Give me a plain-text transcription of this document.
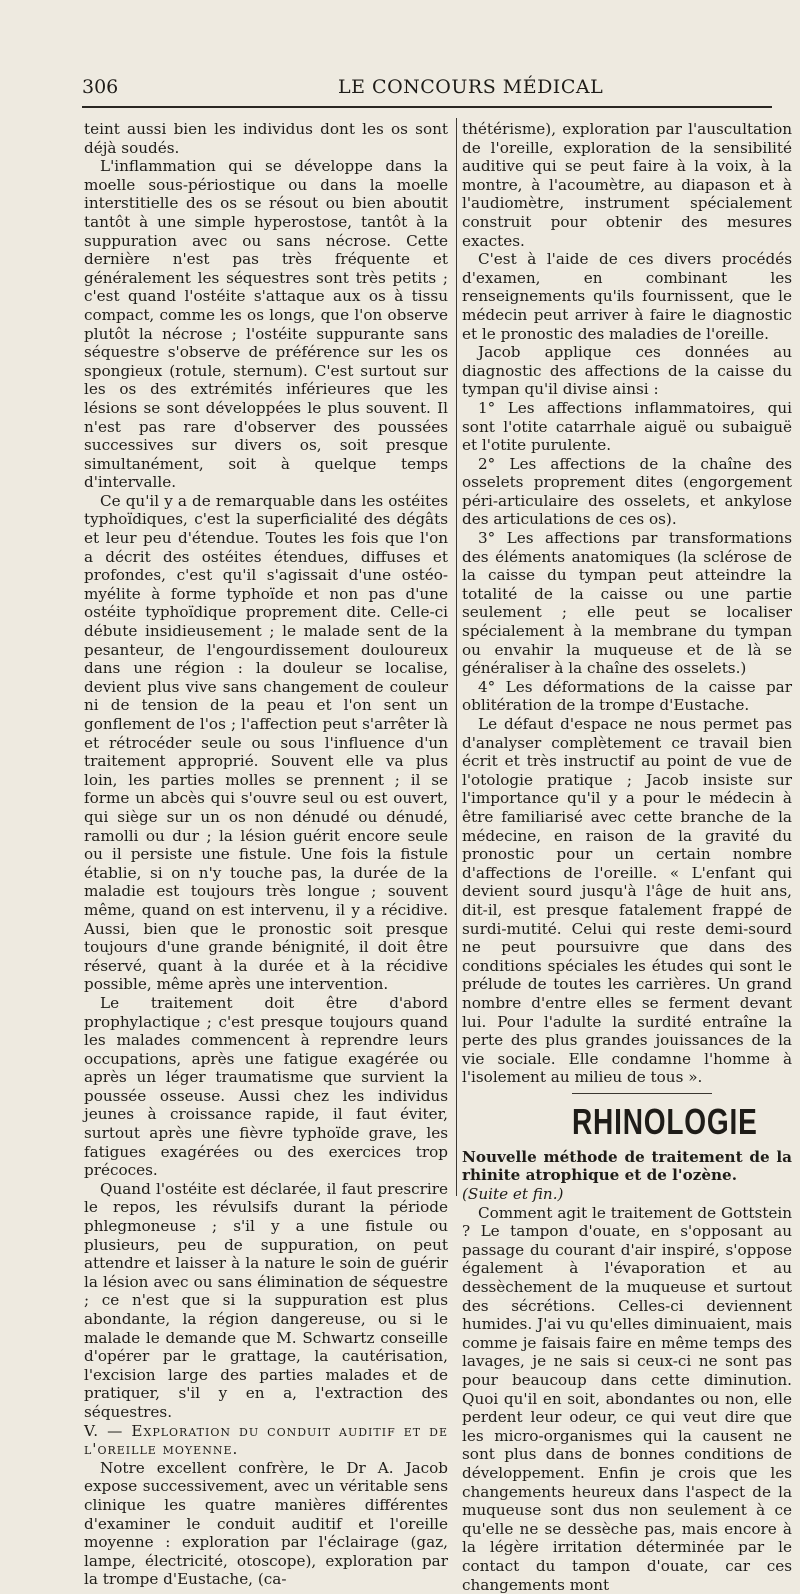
306	LE CONCOURS MÉDICAL

teint aussi bien les individus dont les os sont déjà soudés.

L'inflammation qui se développe dans la moelle sous-périostique ou dans la moelle interstitielle des os se résout ou bien aboutit tantôt à une simple hyperostose, tantôt à la suppuration avec ou sans nécrose. Cette dernière n'est pas très fréquente et généralement les séquestres sont très petits ; c'est quand l'ostéite s'attaque aux os à tissu compact, comme les os longs, que l'on observe plutôt la nécrose ; l'ostéite suppurante sans séquestre s'observe de préférence sur les os spongieux (rotule, sternum). C'est surtout sur les os des extrémités inférieures que les lésions se sont développées le plus souvent. Il n'est pas rare d'observer des poussées successives sur divers os, soit presque simultanément, soit à quelque temps d'intervalle.

Ce qu'il y a de remarquable dans les ostéites typhoïdiques, c'est la superficialité des dégâts et leur peu d'étendue. Toutes les fois que l'on a décrit des ostéites étendues, diffuses et profondes, c'est qu'il s'agissait d'une ostéo-myélite à forme typhoïde et non pas d'une ostéite typhoïdique proprement dite. Celle-ci débute insidieusement ; le malade sent de la pesanteur, de l'engourdissement douloureux dans une région : la douleur se localise, devient plus vive sans changement de couleur ni de tension de la peau et l'on sent un gonflement de l'os ; l'affection peut s'arrêter là et rétrocéder seule ou sous l'influence d'un traitement approprié. Souvent elle va plus loin, les parties molles se prennent ; il se forme un abcès qui s'ouvre seul ou est ouvert, qui siège sur un os non dénudé ou dénudé, ramolli ou dur ; la lésion guérit encore seule ou il persiste une fistule. Une fois la fistule établie, si on n'y touche pas, la durée de la maladie est toujours très longue ; souvent même, quand on est intervenu, il y a récidive. Aussi, bien que le pronostic soit presque toujours d'une grande bénignité, il doit être réservé, quant à la durée et à la récidive possible, même après une intervention.

Le traitement doit être d'abord prophylactique ; c'est presque toujours quand les malades commencent à reprendre leurs occupations, après une fatigue exagérée ou après un léger traumatisme que survient la poussée osseuse. Aussi chez les individus jeunes à croissance rapide, il faut éviter, surtout après une fièvre typhoïde grave, les fatigues exagérées ou des exercices trop précoces.

Quand l'ostéite est déclarée, il faut prescrire le repos, les révulsifs durant la période phlegmoneuse ; s'il y a une fistule ou plusieurs, peu de suppuration, on peut attendre et laisser à la nature le soin de guérir la lésion avec ou sans élimination de séquestre ; ce n'est que si la suppuration est plus abondante, la région dangereuse, ou si le malade le demande que M. Schwartz conseille d'opérer par le grattage, la cautérisation, l'excision large des parties malades et de pratiquer, s'il y en a, l'extraction des séquestres.

V. — Exploration du conduit auditif et de l'oreille moyenne.

Notre excellent confrère, le Dr A. Jacob expose successivement, avec un véritable sens clinique les quatre manières différentes d'examiner le conduit auditif et l'oreille moyenne : exploration par l'éclairage (gaz, lampe, électricité, otoscope), exploration par la trompe d'Eustache, (ca-

thétérisme), exploration par l'auscultation de l'oreille, exploration de la sensibilité auditive qui se peut faire à la voix, à la montre, à l'acoumètre, au diapason et à l'audiomètre, instrument spécialement construit pour obtenir des mesures exactes.

C'est à l'aide de ces divers procédés d'examen, en combinant les renseignements qu'ils fournissent, que le médecin peut arriver à faire le diagnostic et le pronostic des maladies de l'oreille.

Jacob applique ces données au diagnostic des affections de la caisse du tympan qu'il divise ainsi :

1° Les affections inflammatoires, qui sont l'otite catarrhale aiguë ou subaiguë et l'otite purulente.

2° Les affections de la chaîne des osselets proprement dites (engorgement péri-articulaire des osselets, et ankylose des articulations de ces os).

3° Les affections par transformations des éléments anatomiques (la sclérose de la caisse du tympan peut atteindre la totalité de la caisse ou une partie seulement ; elle peut se localiser spécialement à la membrane du tympan ou envahir la muqueuse et de là se généraliser à la chaîne des osselets.)

4° Les déformations de la caisse par oblitération de la trompe d'Eustache.

Le défaut d'espace ne nous permet pas d'analyser complètement ce travail bien écrit et très instructif au point de vue de l'otologie pratique ; Jacob insiste sur l'importance qu'il y a pour le médecin à être familiarisé avec cette branche de la médecine, en raison de la gravité du pronostic pour un certain nombre d'affections de l'oreille. « L'enfant qui devient sourd jusqu'à l'âge de huit ans, dit-il, est presque fatalement frappé de surdi-mutité. Celui qui reste demi-sourd ne peut poursuivre que dans des conditions spéciales les études qui sont le prélude de toutes les carrières. Un grand nombre d'entre elles se ferment devant lui. Pour l'adulte la surdité entraîne la perte des plus grandes jouissances de la vie sociale. Elle condamne l'homme à l'isolement au milieu de tous ».

RHINOLOGIE

Nouvelle méthode de traitement de la rhinite atrophique et de l'ozène.

(Suite et fin.)

Comment agit le traitement de Gottstein ? Le tampon d'ouate, en s'opposant au passage du courant d'air inspiré, s'oppose également à l'évaporation et au dessèchement de la muqueuse et surtout des sécrétions. Celles-ci deviennent humides. J'ai vu qu'elles diminuaient, mais comme je faisais faire en même temps des lavages, je ne sais si ceux-ci ne sont pas pour beaucoup dans cette diminution. Quoi qu'il en soit, abondantes ou non, elle perdent leur odeur, ce qui veut dire que les micro-organismes qui la causent ne sont plus dans de bonnes conditions de développement. Enfin je crois que les changements heureux dans l'aspect de la muqueuse sont dus non seulement à ce qu'elle ne se dessèche pas, mais encore à la légère irritation déterminée par le contact du tampon d'ouate, car ces changements mont
